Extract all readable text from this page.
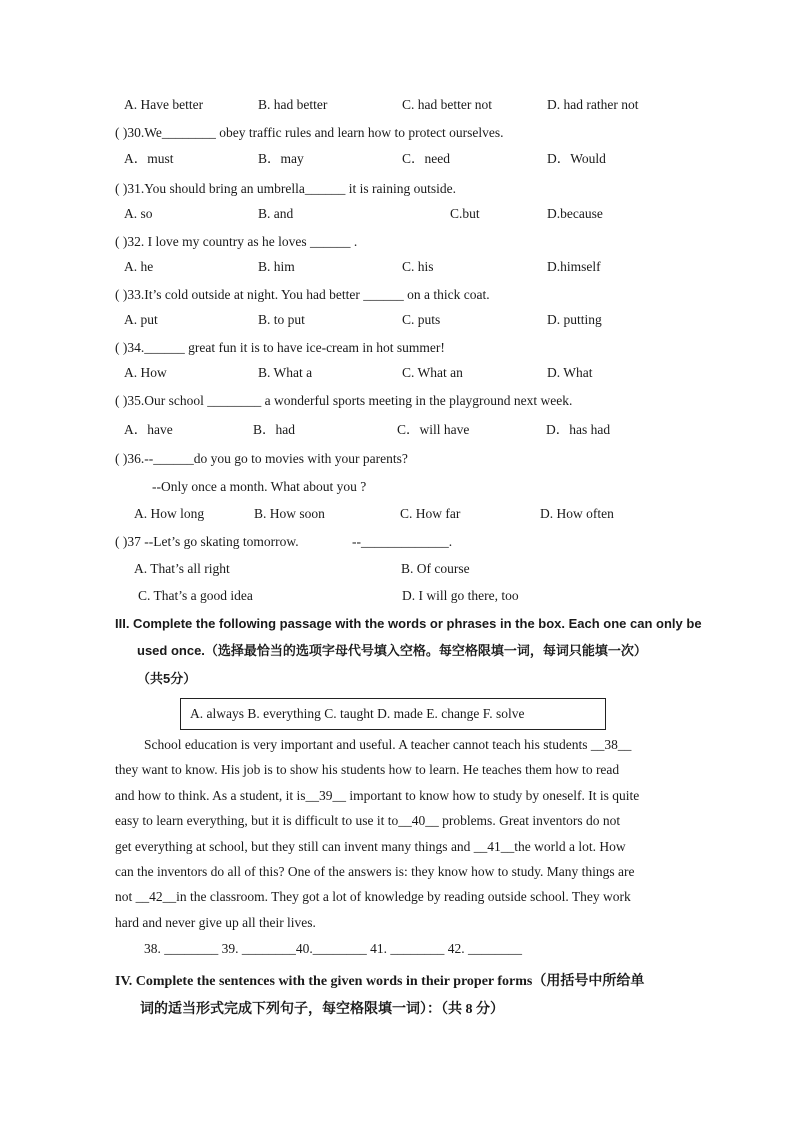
A. Have better	B. had better	C. had better not	D. had rather not
( )30.We________ obey traffic rules and learn how to protect ourselves.
A．must	B．may	C．need	D．Would
( )31.You should bring an umbrella______ it is raining outside.
A. so	B. and	C.but	D.because
( )32. I love my country as he loves ______ .
A. he	B. him	C. his	D.himself
( )33.It’s cold outside at night. You had better ______ on a thick coat.
A. put	B. to put	C. puts	D. putting
( )34.______ great fun it is to have ice-cream in hot summer!
A. How	B. What a	C. What an	D. What
( )35.Our school ________ a wonderful sports meeting in the playground next week.
A．have	B．had	C．will have	D．has had
( )36.--______do you go to movies with your parents?
--Only once a month. What about you ?
A. How long	B. How soon	C. How far	D. How often
( )37 --Let’s go skating tomorrow.	--_____________.
A. That’s all right	B. Of course
C. That’s a good idea	D. I will go there, too
III. Complete the following passage with the words or phrases in the box. Each one can only be
used once.（选择最恰当的选项字母代号填入空格。每空格限填一词，每词只能填一次）
（共5分）
A. always B. everything C. taught D. made E. change F. solve
School education is very important and useful. A teacher cannot teach his students __38__
they want to know. His job is to show his students how to learn. He teaches them how to read
and how to think. As a student, it is__39__ important to know how to study by oneself. It is quite
easy to learn everything, but it is difficult to use it to__40__ problems. Great inventors do not
get everything at school, but they still can invent many things and __41__the world a lot. How
can the inventors do all of this? One of the answers is: they know how to study. Many things are
not __42__in the classroom. They got a lot of knowledge by reading outside school. They work
hard and never give up all their lives.
38. ________ 39. ________40.________ 41. ________ 42. ________
IV. Complete the sentences with the given words in their proper forms（用括号中所给单
词的适当形式完成下列句子，每空格限填一词）：（共 8 分）
